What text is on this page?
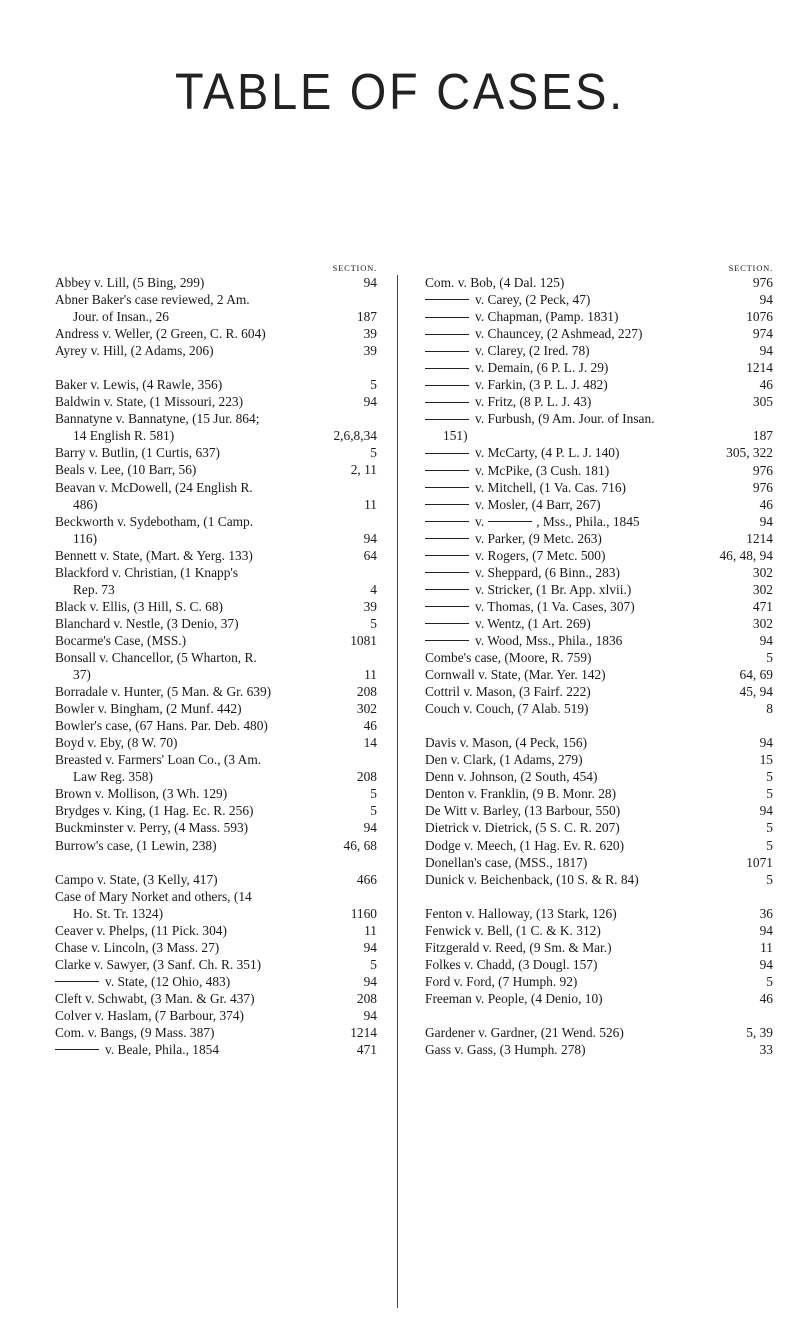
TABLE OF CASES.
SECTION.
Abbey v. Lill, (5 Bing, 299)	94
Abner Baker's case reviewed, 2 Am.
Jour. of Insan., 26	187
Andress v. Weller, (2 Green, C. R. 604)	39
Ayrey v. Hill, (2 Adams, 206)	39
Baker v. Lewis, (4 Rawle, 356)	5
Baldwin v. State, (1 Missouri, 223)	94
Bannatyne v. Bannatyne, (15 Jur. 864;
14 English R. 581)	2,6,8,34
Barry v. Butlin, (1 Curtis, 637)	5
Beals v. Lee, (10 Barr, 56)	2, 11
Beavan v. McDowell, (24 English R.
486)	11
Beckworth v. Sydebotham, (1 Camp.
116)	94
Bennett v. State, (Mart. & Yerg. 133)	64
Blackford v. Christian, (1 Knapp's
Rep. 73	4
Black v. Ellis, (3 Hill, S. C. 68)	39
Blanchard v. Nestle, (3 Denio, 37)	5
Bocarme's Case, (MSS.)	1081
Bonsall v. Chancellor, (5 Wharton, R.
37)	11
Borradale v. Hunter, (5 Man. & Gr. 639)	208
Bowler v. Bingham, (2 Munf. 442)	302
Bowler's case, (67 Hans. Par. Deb. 480)	46
Boyd v. Eby, (8 W. 70)	14
Breasted v. Farmers' Loan Co., (3 Am.
Law Reg. 358)	208
Brown v. Mollison, (3 Wh. 129)	5
Brydges v. King, (1 Hag. Ec. R. 256)	5
Buckminster v. Perry, (4 Mass. 593)	94
Burrow's case, (1 Lewin, 238)	46, 68
Campo v. State, (3 Kelly, 417)	466
Case of Mary Norket and others, (14
Ho. St. Tr. 1324)	1160
Ceaver v. Phelps, (11 Pick. 304)	11
Chase v. Lincoln, (3 Mass. 27)	94
Clarke v. Sawyer, (3 Sanf. Ch. R. 351)	5
v. State, (12 Ohio, 483)	94
Cleft v. Schwabt, (3 Man. & Gr. 437)	208
Colver v. Haslam, (7 Barbour, 374)	94
Com. v. Bangs, (9 Mass. 387)	1214
v. Beale, Phila., 1854	471
SECTION.
Com. v. Bob, (4 Dal. 125)	976
v. Carey, (2 Peck, 47)	94
v. Chapman, (Pamp. 1831)	1076
v. Chauncey, (2 Ashmead, 227)	974
v. Clarey, (2 Ired. 78)	94
v. Demain, (6 P. L. J. 29)	1214
v. Farkin, (3 P. L. J. 482)	46
v. Fritz, (8 P. L. J. 43)	305
v. Furbush, (9 Am. Jour. of Insan.
151)	187
v. McCarty, (4 P. L. J. 140)	305, 322
v. McPike, (3 Cush. 181)	976
v. Mitchell, (1 Va. Cas. 716)	976
v. Mosler, (4 Barr, 267)	46
v.	, Mss., Phila., 1845	94
v. Parker, (9 Metc. 263)	1214
v. Rogers, (7 Metc. 500)	46, 48, 94
v. Sheppard, (6 Binn., 283)	302
v. Stricker, (1 Br. App. xlvii.)	302
v. Thomas, (1 Va. Cases, 307)	471
v. Wentz, (1 Art. 269)	302
v. Wood, Mss., Phila., 1836	94
Combe's case, (Moore, R. 759)	5
Cornwall v. State, (Mar. Yer. 142)	64, 69
Cottril v. Mason, (3 Fairf. 222)	45, 94
Couch v. Couch, (7 Alab. 519)	8
Davis v. Mason, (4 Peck, 156)	94
Den v. Clark, (1 Adams, 279)	15
Denn v. Johnson, (2 South, 454)	5
Denton v. Franklin, (9 B. Monr. 28)	5
De Witt v. Barley, (13 Barbour, 550)	94
Dietrick v. Dietrick, (5 S. C. R. 207)	5
Dodge v. Meech, (1 Hag. Ev. R. 620)	5
Donellan's case, (MSS., 1817)	1071
Dunick v. Beichenback, (10 S. & R. 84)	5
Fenton v. Halloway, (13 Stark, 126)	36
Fenwick v. Bell, (1 C. & K. 312)	94
Fitzgerald v. Reed, (9 Sm. & Mar.)	11
Folkes v. Chadd, (3 Dougl. 157)	94
Ford v. Ford, (7 Humph. 92)	5
Freeman v. People, (4 Denio, 10)	46
Gardener v. Gardner, (21 Wend. 526)	5, 39
Gass v. Gass, (3 Humph. 278)	33
